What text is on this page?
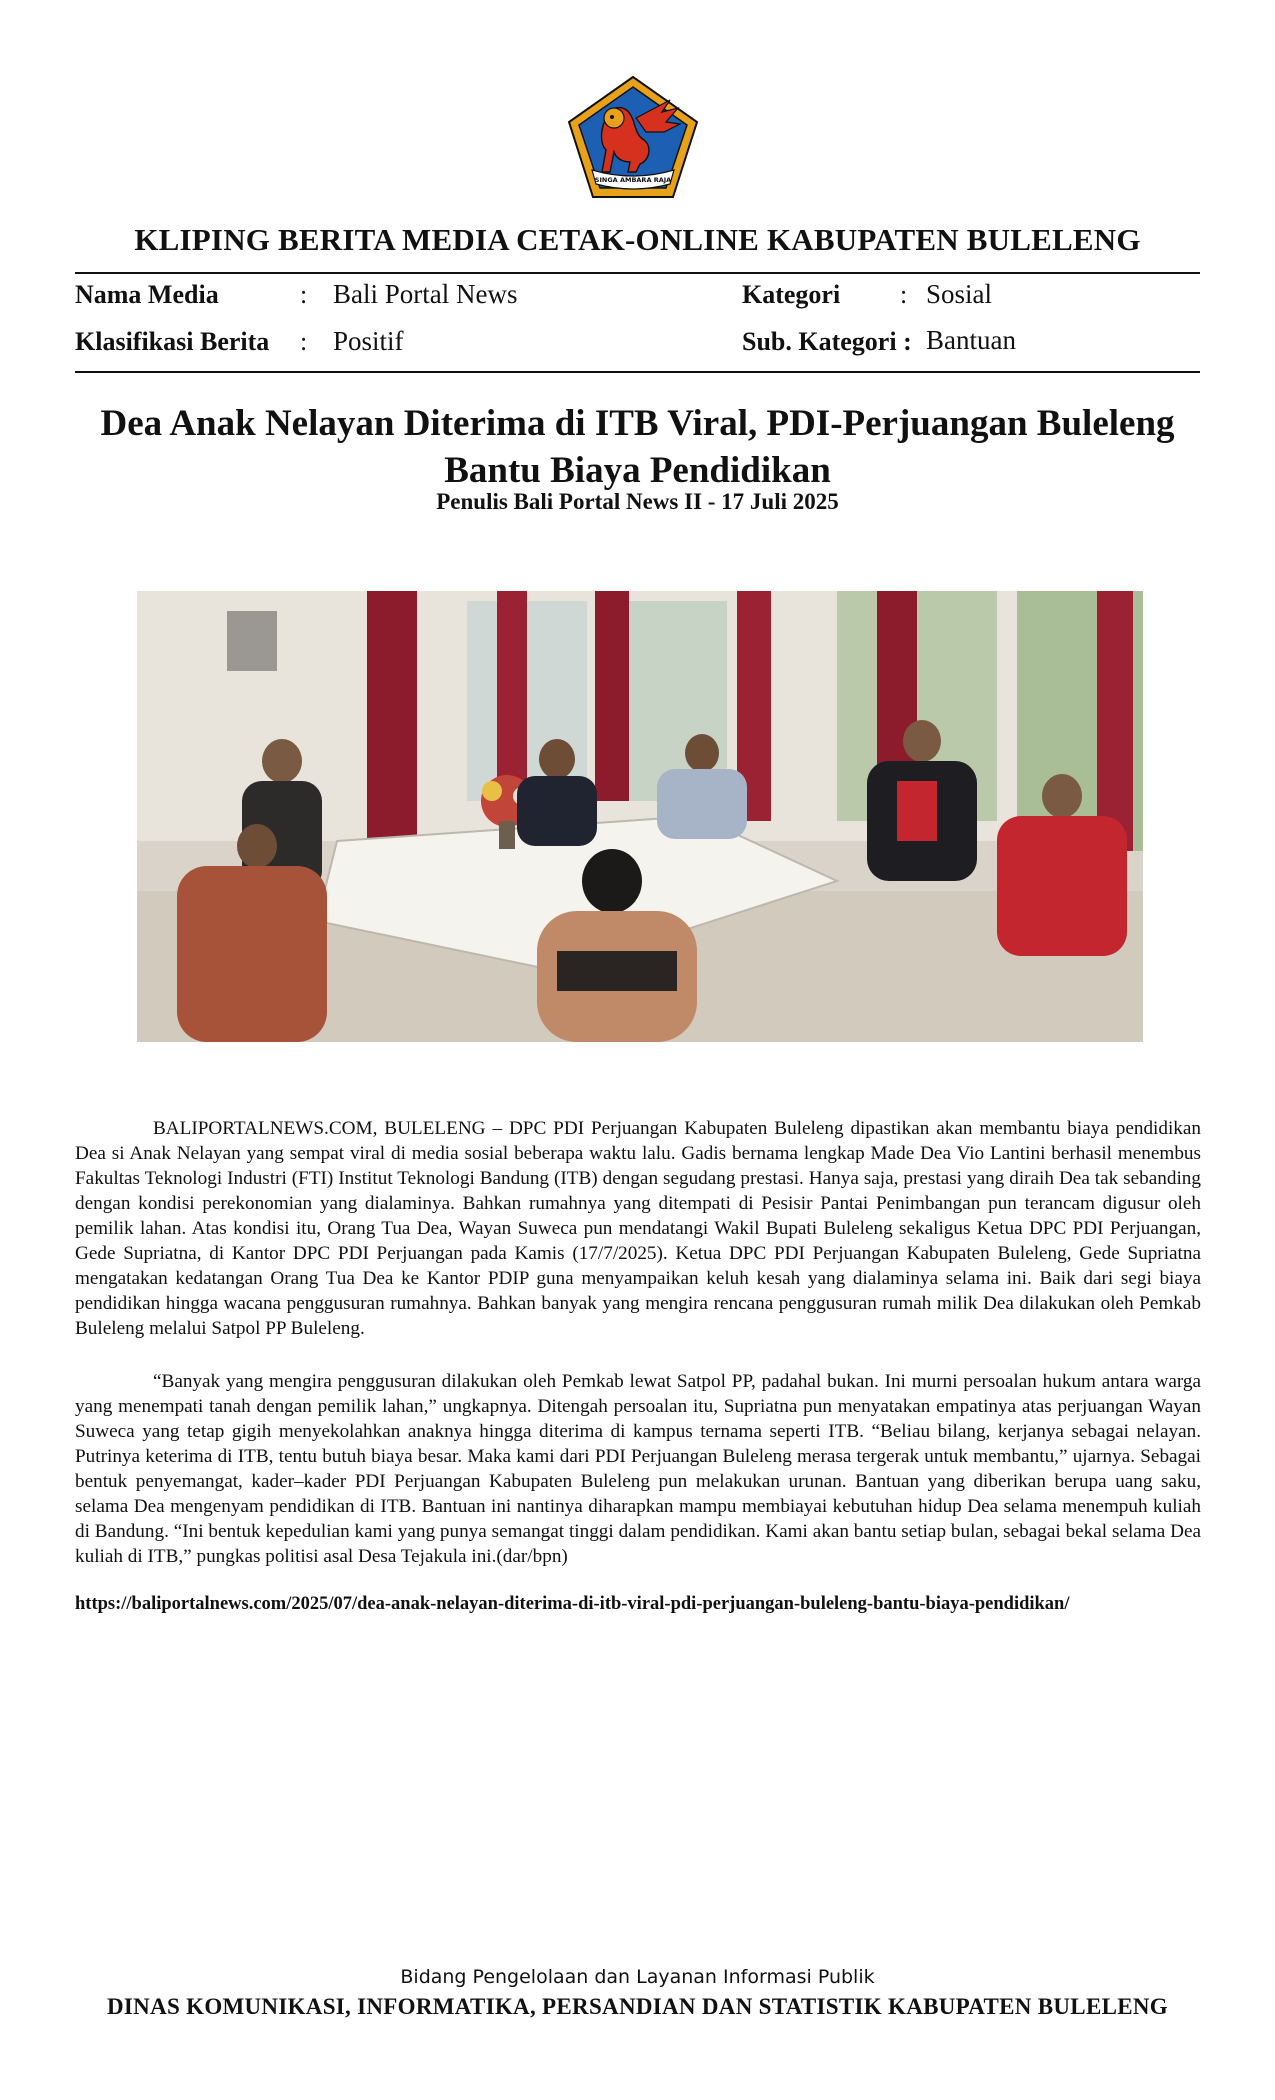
SINGA AMBARA RAJA
KLIPING BERITA MEDIA CETAK-ONLINE KABUPATEN BULELENG
Nama Media	: Bali Portal News
Klasifikasi Berita : Positif
Kategori : Sosial
Sub. Kategori : Bantuan
Dea Anak Nelayan Diterima di ITB Viral, PDI-Perjuangan Buleleng Bantu Biaya Pendidikan
Penulis Bali Portal News II - 17 Juli 2025

BALIPORTALNEWS.COM, BULELENG – DPC PDI Perjuangan Kabupaten Buleleng dipastikan akan membantu biaya pendidikan Dea si Anak Nelayan yang sempat viral di media sosial beberapa waktu lalu. Gadis bernama lengkap Made Dea Vio Lantini berhasil menembus Fakultas Teknologi Industri (FTI) Institut Teknologi Bandung (ITB) dengan segudang prestasi. Hanya saja, prestasi yang diraih Dea tak sebanding dengan kondisi perekonomian yang dialaminya. Bahkan rumahnya yang ditempati di Pesisir Pantai Penimbangan pun terancam digusur oleh pemilik lahan. Atas kondisi itu, Orang Tua Dea, Wayan Suweca pun mendatangi Wakil Bupati Buleleng sekaligus Ketua DPC PDI Perjuangan, Gede Supriatna, di Kantor DPC PDI Perjuangan pada Kamis (17/7/2025). Ketua DPC PDI Perjuangan Kabupaten Buleleng, Gede Supriatna mengatakan kedatangan Orang Tua Dea ke Kantor PDIP guna menyampaikan keluh kesah yang dialaminya selama ini. Baik dari segi biaya pendidikan hingga wacana penggusuran rumahnya. Bahkan banyak yang mengira rencana penggusuran rumah milik Dea dilakukan oleh Pemkab Buleleng melalui Satpol PP Buleleng.

“Banyak yang mengira penggusuran dilakukan oleh Pemkab lewat Satpol PP, padahal bukan. Ini murni persoalan hukum antara warga yang menempati tanah dengan pemilik lahan,” ungkapnya. Ditengah persoalan itu, Supriatna pun menyatakan empatinya atas perjuangan Wayan Suweca yang tetap gigih menyekolahkan anaknya hingga diterima di kampus ternama seperti ITB. “Beliau bilang, kerjanya sebagai nelayan. Putrinya keterima di ITB, tentu butuh biaya besar. Maka kami dari PDI Perjuangan Buleleng merasa tergerak untuk membantu,” ujarnya. Sebagai bentuk penyemangat, kader–kader PDI Perjuangan Kabupaten Buleleng pun melakukan urunan. Bantuan yang diberikan berupa uang saku, selama Dea mengenyam pendidikan di ITB. Bantuan ini nantinya diharapkan mampu membiayai kebutuhan hidup Dea selama menempuh kuliah di Bandung. “Ini bentuk kepedulian kami yang punya semangat tinggi dalam pendidikan. Kami akan bantu setiap bulan, sebagai bekal selama Dea kuliah di ITB,” pungkas politisi asal Desa Tejakula ini.(dar/bpn)

https://baliportalnews.com/2025/07/dea-anak-nelayan-diterima-di-itb-viral-pdi-perjuangan-buleleng-bantu-biaya-pendidikan/
Bidang Pengelolaan dan Layanan Informasi Publik
DINAS KOMUNIKASI, INFORMATIKA, PERSANDIAN DAN STATISTIK KABUPATEN BULELENG
